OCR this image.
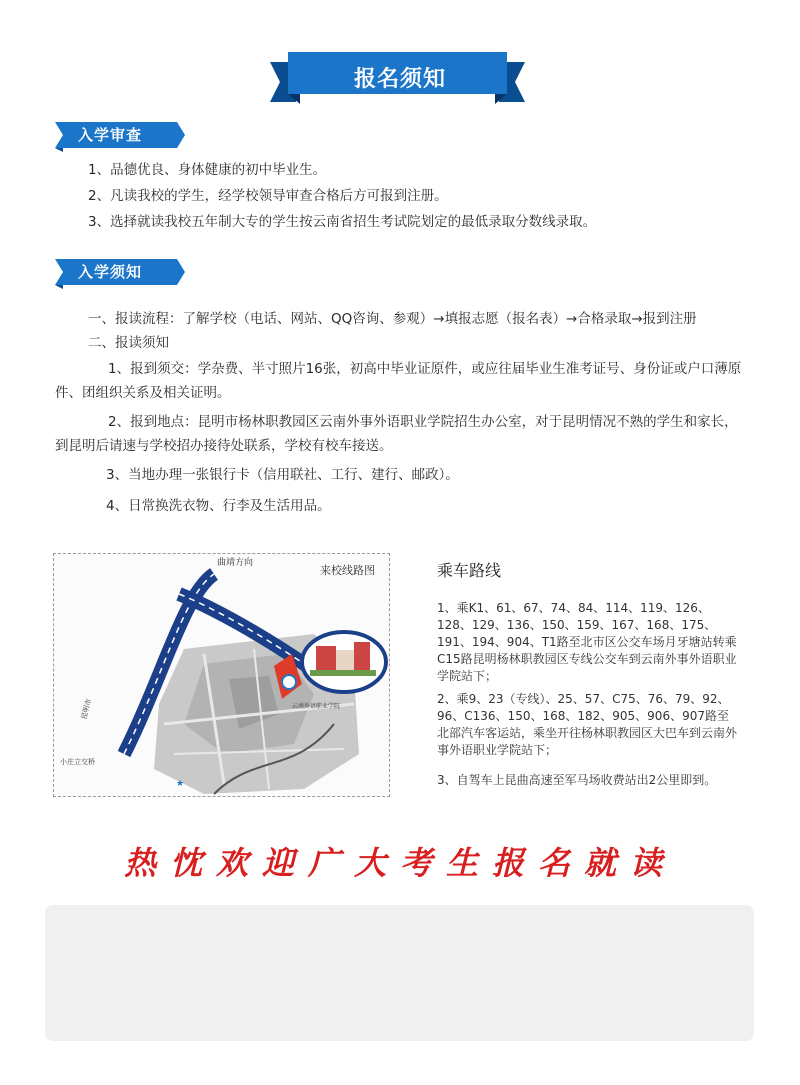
报名须知
入学审查
1、品德优良、身体健康的初中毕业生。
2、凡读我校的学生，经学校领导审查合格后方可报到注册。
3、选择就读我校五年制大专的学生按云南省招生考试院划定的最低录取分数线录取。
入学须知
一、报读流程：了解学校（电话、网站、QQ咨询、参观）→填报志愿（报名表）→合格录取→报到注册
二、报读须知
1、报到须交：学杂费、半寸照片16张，初高中毕业证原件，或应往届毕业生准考证号、身份证或户口薄原件、团组织关系及相关证明。
2、报到地点：昆明市杨林职教园区云南外事外语职业学院招生办公室，对于昆明情况不熟的学生和家长，到昆明后请速与学校招办接待处联系，学校有校车接送。
3、当地办理一张银行卡（信用联社、工行、建行、邮政）。
4、日常换洗衣物、行李及生活用品。
★
来校线路图
曲靖方向
云南外语职业学院
昆明市
小庄立交桥
乘车路线
1、乘K1、61、67、74、84、114、119、126、128、129、136、150、159、167、168、175、191、194、904、T1路至北市区公交车场月牙塘站转乘C15路昆明杨林职教园区专线公交车到云南外事外语职业学院站下；
2、乘9、23（专线）、25、57、C75、76、79、92、96、C136、150、168、182、905、906、907路至北部汽车客运站，乘坐开往杨林职教园区大巴车到云南外事外语职业学院站下；
3、自驾车上昆曲高速至军马场收费站出2公里即到。
热忱欢迎广大考生报名就读
